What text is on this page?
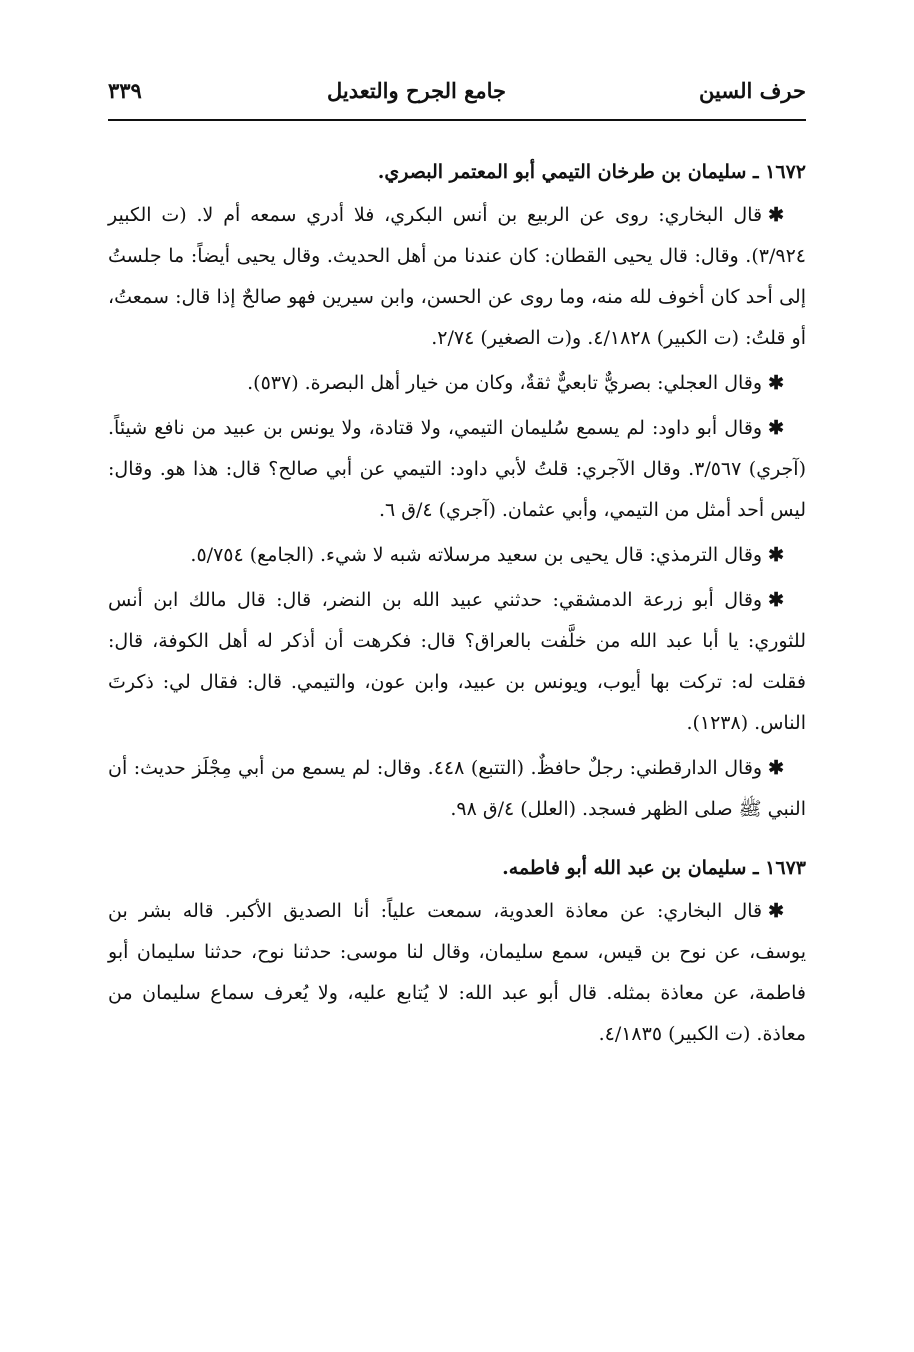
حرف السين
جامع الجرح والتعديل
٣٣٩

١٦٧٢ ـ سليمان بن طرخان التيمي أبو المعتمر البصري.

✱قال البخاري: روى عن الربيع بن أنس البكري، فلا أدري سمعه أم لا. (ت الكبير ٣/٩٢٤). وقال: قال يحيى القطان: كان عندنا من أهل الحديث. وقال يحيى أيضاً: ما جلستُ إلى أحد كان أخوف لله منه، وما روى عن الحسن، وابن سيرين فهو صالحٌ إذا قال: سمعتُ، أو قلتُ: (ت الكبير) ٤/١٨٢٨. و(ت الصغير) ٢/٧٤.

✱وقال العجلي: بصريٌّ تابعيٌّ ثقةٌ، وكان من خيار أهل البصرة. (٥٣٧).

✱وقال أبو داود: لم يسمع سُليمان التيمي، ولا قتادة، ولا يونس بن عبيد من نافع شيئاً. (آجري) ٣/٥٦٧. وقال الآجري: قلتُ لأبي داود: التيمي عن أبي صالح؟ قال: هذا هو. وقال: ليس أحد أمثل من التيمي، وأبي عثمان. (آجري) ٤/ق ٦.

✱وقال الترمذي: قال يحيى بن سعيد مرسلاته شبه لا شيء. (الجامع) ٥/٧٥٤.

✱وقال أبو زرعة الدمشقي: حدثني عبيد الله بن النضر، قال: قال مالك ابن أنس للثوري: يا أبا عبد الله من خلَّفت بالعراق؟ قال: فكرهت أن أذكر له أهل الكوفة، قال: فقلت له: تركت بها أيوب، ويونس بن عبيد، وابن عون، والتيمي. قال: فقال لي: ذكرتَ الناس. (١٢٣٨).

✱وقال الدارقطني: رجلٌ حافظٌ. (التتبع) ٤٤٨. وقال: لم يسمع من أبي مِجْلَز حديث: أن النبي ﷺ صلى الظهر فسجد. (العلل) ٤/ق ٩٨.

١٦٧٣ ـ سليمان بن عبد الله أبو فاطمه.

✱قال البخاري: عن معاذة العدوية، سمعت علياً: أنا الصديق الأكبر. قاله بشر بن يوسف، عن نوح بن قيس، سمع سليمان، وقال لنا موسى: حدثنا نوح، حدثنا سليمان أبو فاطمة، عن معاذة بمثله. قال أبو عبد الله: لا يُتابع عليه، ولا يُعرف سماع سليمان من معاذة. (ت الكبير) ٤/١٨٣٥.
